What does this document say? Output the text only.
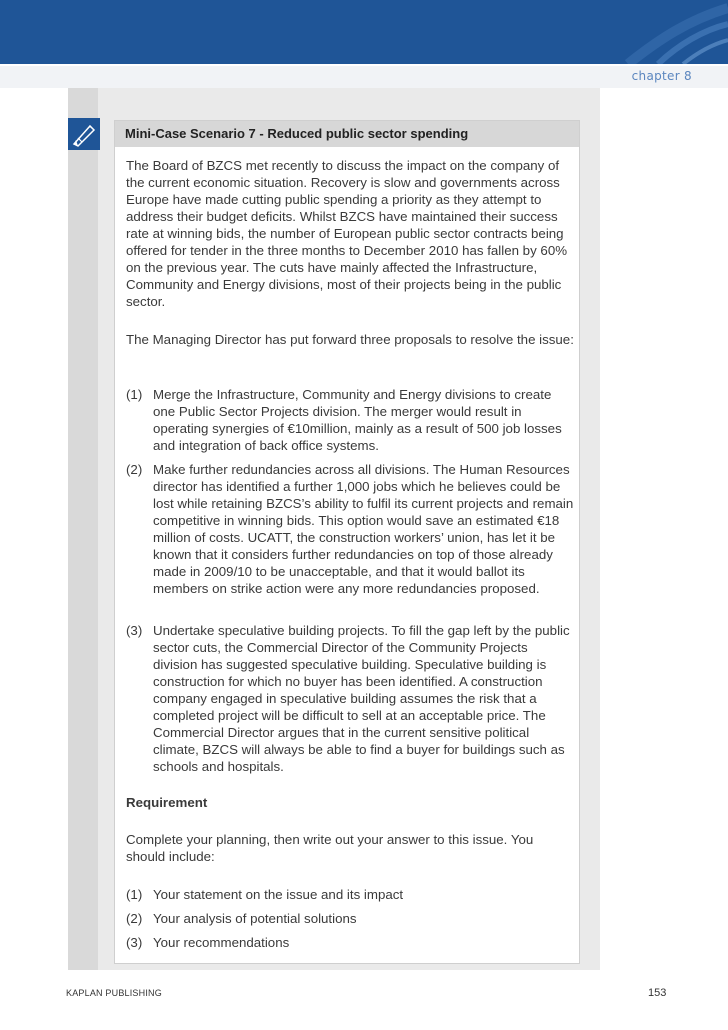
chapter 8
Mini-Case Scenario 7 - Reduced public sector spending

The Board of BZCS met recently to discuss the impact on the company of the current economic situation. Recovery is slow and governments across Europe have made cutting public spending a priority as they attempt to address their budget deficits. Whilst BZCS have maintained their success rate at winning bids, the number of European public sector contracts being offered for tender in the three months to December 2010 has fallen by 60% on the previous year. The cuts have mainly affected the Infrastructure, Community and Energy divisions, most of their projects being in the public sector.

The Managing Director has put forward three proposals to resolve the issue:

(1) Merge the Infrastructure, Community and Energy divisions to create one Public Sector Projects division. The merger would result in operating synergies of €10million, mainly as a result of 500 job losses and integration of back office systems.
(2) Make further redundancies across all divisions. The Human Resources director has identified a further 1,000 jobs which he believes could be lost while retaining BZCS’s ability to fulfil its current projects and remain competitive in winning bids. This option would save an estimated €18 million of costs. UCATT, the construction workers’ union, has let it be known that it considers further redundancies on top of those already made in 2009/10 to be unacceptable, and that it would ballot its members on strike action were any more redundancies proposed.
(3) Undertake speculative building projects. To fill the gap left by the public sector cuts, the Commercial Director of the Community Projects division has suggested speculative building. Speculative building is construction for which no buyer has been identified. A construction company engaged in speculative building assumes the risk that a completed project will be difficult to sell at an acceptable price. The Commercial Director argues that in the current sensitive political climate, BZCS will always be able to find a buyer for buildings such as schools and hospitals.
Requirement

Complete your planning, then write out your answer to this issue. You should include:

(1) Your statement on the issue and its impact
(2) Your analysis of potential solutions
(3) Your recommendations
KAPLAN PUBLISHING	153
